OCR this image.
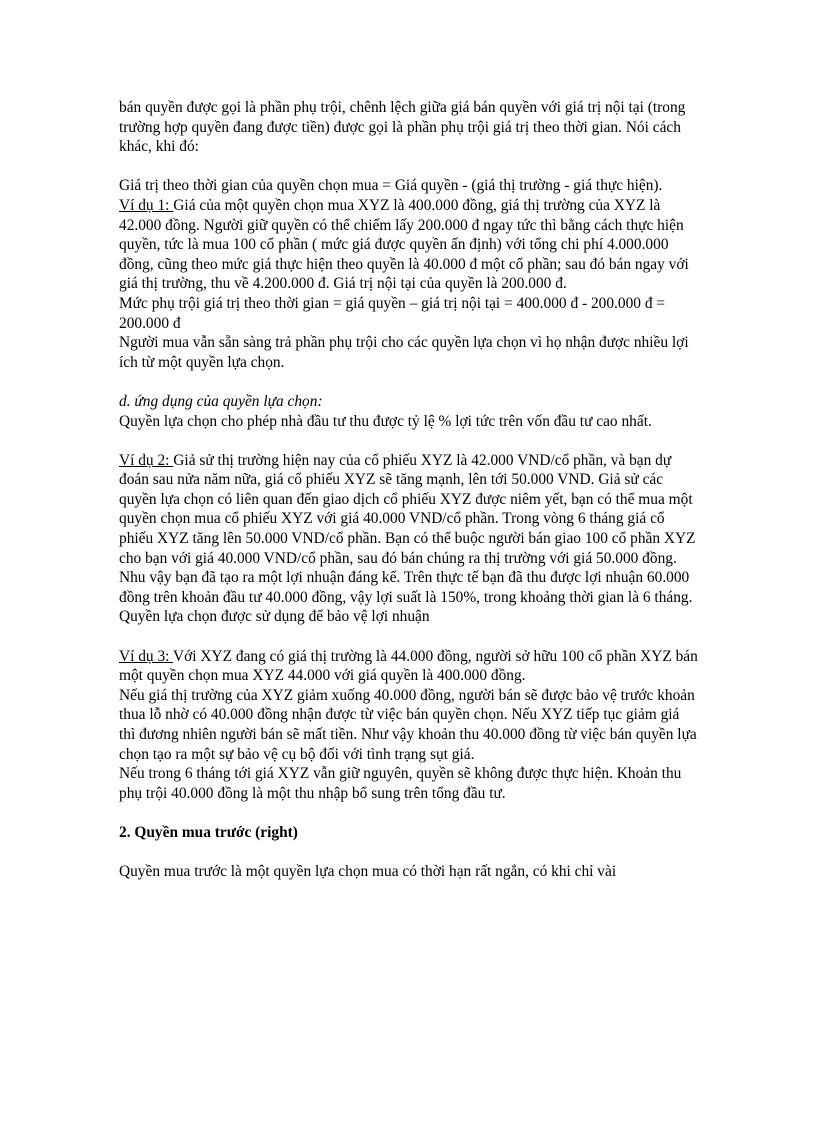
bán quyền được gọi là phần phụ trội, chênh lệch giữa giá bán quyền với giá trị nội tại (trong trường hợp quyền đang được tiền) được gọi là phần phụ trội giá trị theo thời gian. Nói cách khác, khi đó:

Giá trị theo thời gian của quyền chọn mua = Giá quyền - (giá thị trường - giá thực hiện).

Ví dụ 1: Giá của một quyền chọn mua XYZ là 400.000 đồng, giá thị trường của XYZ là 42.000 đồng. Người giữ quyền có thể chiếm lấy 200.000 đ ngay tức thì bằng cách thực hiện quyền, tức là mua 100 cổ phần ( mức giá được quyền ấn định) với tổng chi phí 4.000.000 đồng, cũng theo mức giá thực hiện theo quyền là 40.000 đ một cổ phần; sau đó bán ngay với giá thị trường, thu về 4.200.000 đ. Giá trị nội tại của quyền là 200.000 đ.

Mức phụ trội giá trị theo thời gian = giá quyền – giá trị nội tại = 400.000 đ - 200.000 đ = 200.000 đ

Người mua vẫn sẵn sàng trả phần phụ trội cho các quyền lựa chọn vì họ nhận được nhiều lợi ích từ một quyền lựa chọn.

d. ứng dụng của quyền lựa chọn:

Quyền lựa chọn cho phép nhà đầu tư thu được tỷ lệ % lợi tức trên vốn đầu tư cao nhất.

Ví dụ 2: Giả sử thị trường hiện nay của cổ phiếu XYZ là 42.000 VND/cổ phần, và bạn dự đoán sau nửa năm nữa, giá cổ phiếu XYZ sẽ tăng mạnh, lên tới 50.000 VND. Giả sử các quyền lựa chọn có liên quan đến giao dịch cổ phiếu XYZ được niêm yết, bạn có thể mua một quyền chọn mua cổ phiếu XYZ với giá 40.000 VND/cổ phần. Trong vòng 6 tháng giá cổ phiếu XYZ tăng lên 50.000 VND/cổ phần. Bạn có thể buộc người bán giao 100 cổ phần XYZ cho bạn với giá 40.000 VND/cổ phần, sau đó bán chúng ra thị trường với giá 50.000 đồng.

Nhu vậy bạn đã tạo ra một lợi nhuận đáng kể. Trên thực tế bạn đã thu được lợi nhuận 60.000 đồng trên khoản đầu tư 40.000 đồng, vậy lợi suất là 150%, trong khoảng thời gian là 6 tháng.

Quyền lựa chọn được sử dụng để bảo vệ lợi nhuận

Ví dụ 3: Với XYZ đang có giá thị trường là 44.000 đồng, người sở hữu 100 cổ phần XYZ bán một quyền chọn mua XYZ 44.000 với giá quyền là 400.000 đồng.

Nếu giá thị trường của XYZ giảm xuống 40.000 đồng, người bán sẽ được bảo vệ trước khoản thua lỗ nhờ có 40.000 đồng nhận được từ việc bán quyền chọn. Nếu XYZ tiếp tục giảm giá thì đương nhiên người bán sẽ mất tiền. Như vậy khoản thu 40.000 đồng từ việc bán quyền lựa chọn tạo ra một sự bảo vệ cụ bộ đối với tình trạng sụt giá.

Nếu trong 6 tháng tới giá XYZ vẫn giữ nguyên, quyền sẽ không được thực hiện. Khoản thu phụ trội 40.000 đồng là một thu nhập bổ sung trên tổng đầu tư.

2. Quyền mua trước (right)

Quyền mua trước là một quyền lựa chọn mua có thời hạn rất ngắn, có khi chỉ vài
